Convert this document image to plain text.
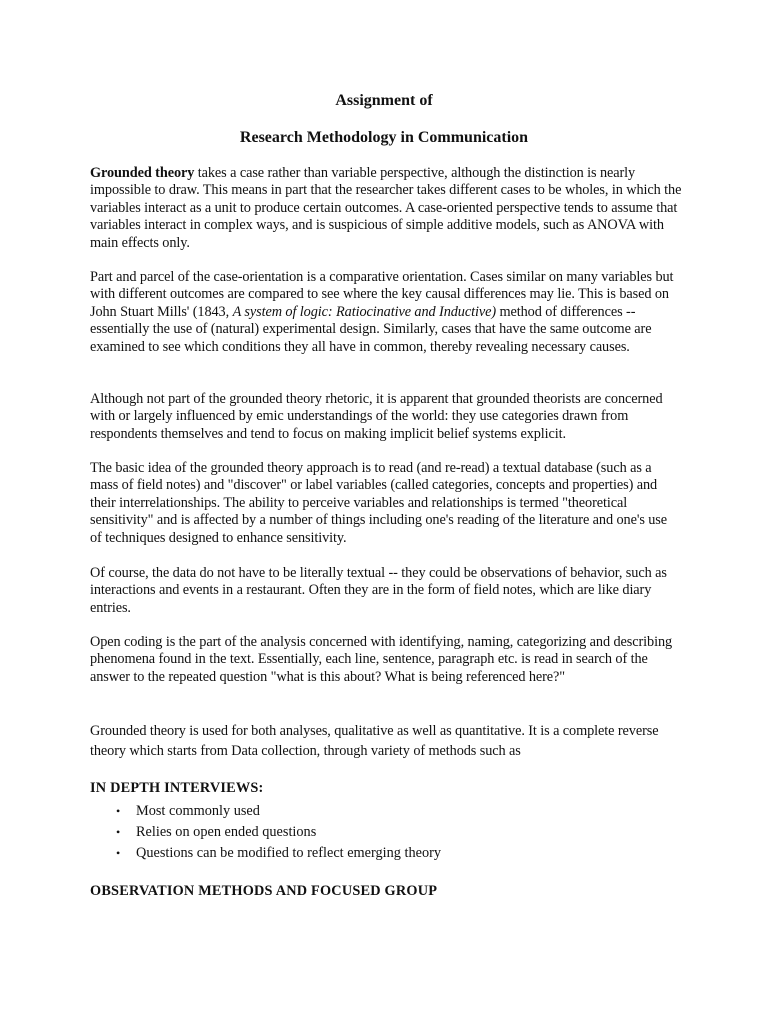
Assignment of
Research Methodology in Communication

Grounded theory takes a case rather than variable perspective, although the distinction is nearly impossible to draw. This means in part that the researcher takes different cases to be wholes, in which the variables interact as a unit to produce certain outcomes. A case-oriented perspective tends to assume that variables interact in complex ways, and is suspicious of simple additive models, such as ANOVA with main effects only.

Part and parcel of the case-orientation is a comparative orientation. Cases similar on many variables but with different outcomes are compared to see where the key causal differences may lie. This is based on John Stuart Mills' (1843, A system of logic: Ratiocinative and Inductive) method of differences -- essentially the use of (natural) experimental design. Similarly, cases that have the same outcome are examined to see which conditions they all have in common, thereby revealing necessary causes.

Although not part of the grounded theory rhetoric, it is apparent that grounded theorists are concerned with or largely influenced by emic understandings of the world: they use categories drawn from respondents themselves and tend to focus on making implicit belief systems explicit.

The basic idea of the grounded theory approach is to read (and re-read) a textual database (such as a mass of field notes) and "discover" or label variables (called categories, concepts and properties) and their interrelationships. The ability to perceive variables and relationships is termed "theoretical sensitivity" and is affected by a number of things including one's reading of the literature and one's use of techniques designed to enhance sensitivity.

Of course, the data do not have to be literally textual -- they could be observations of behavior, such as interactions and events in a restaurant. Often they are in the form of field notes, which are like diary entries.

Open coding is the part of the analysis concerned with identifying, naming, categorizing and describing phenomena found in the text. Essentially, each line, sentence, paragraph etc. is read in search of the answer to the repeated question "what is this about? What is being referenced here?"

Grounded theory is used for both analyses, qualitative as well as quantitative. It is a complete reverse theory which starts from Data collection, through variety of methods such as

IN DEPTH INTERVIEWS:
• Most commonly used
• Relies on open ended questions
• Questions can be modified to reflect emerging theory
OBSERVATION METHODS AND FOCUSED GROUP
